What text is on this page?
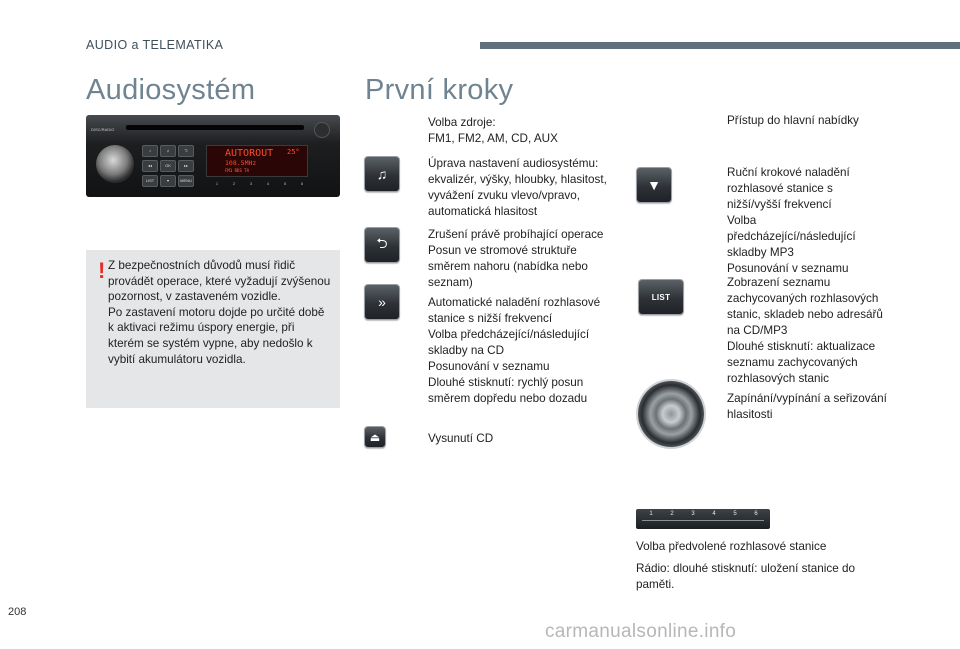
AUDIO a TELEMATIKA
Audiosystém
DISC/RADIO
♪	♫	⮌
◂◂	OK	▸▸
LIST	▾	MENU
AUTOROUT 25°
108.5MHz
FM1 RDS TA
1	2	3	4	5	6
! Z bezpečnostních důvodů musí řidič provádět operace, které vyžadují zvýšenou pozornost, v zastaveném vozidle.
Po zastavení motoru dojde po určité době k aktivaci režimu úspory energie, při kterém se systém vypne, aby nedošlo k vybití akumulátoru vozidla.
První kroky
Volba zdroje:
FM1, FM2, AM, CD, AUX
♫
Úprava nastavení audiosystému: ekvalizér, výšky, hloubky, hlasitost, vyvážení zvuku vlevo/vpravo, automatická hlasitost
⮌
Zrušení právě probíhající operace
Posun ve stromové struktuře směrem nahoru (nabídka nebo seznam)
»	Automatické naladění rozhlasové stanice s nižší frekvencí
Volba předcházející/následující skladby na CD
Posunování v seznamu
Dlouhé stisknutí: rychlý posun směrem dopředu nebo dozadu
⏏	Vysunutí CD
Přístup do hlavní nabídky
▼
Ruční krokové naladění rozhlasové stanice s nižší/vyšší frekvencí
Volba předcházející/následující skladby MP3
Posunování v seznamu
LIST
Zobrazení seznamu zachycovaných rozhlasových stanic, skladeb nebo adresářů na CD/MP3
Dlouhé stisknutí: aktualizace seznamu zachycovaných rozhlasových stanic
Zapínání/vypínání a seřizování hlasitosti
1	2	3	4	5	6
Volba předvolené rozhlasové stanice
Rádio: dlouhé stisknutí: uložení stanice do paměti.
208
carmanualsonline.info
